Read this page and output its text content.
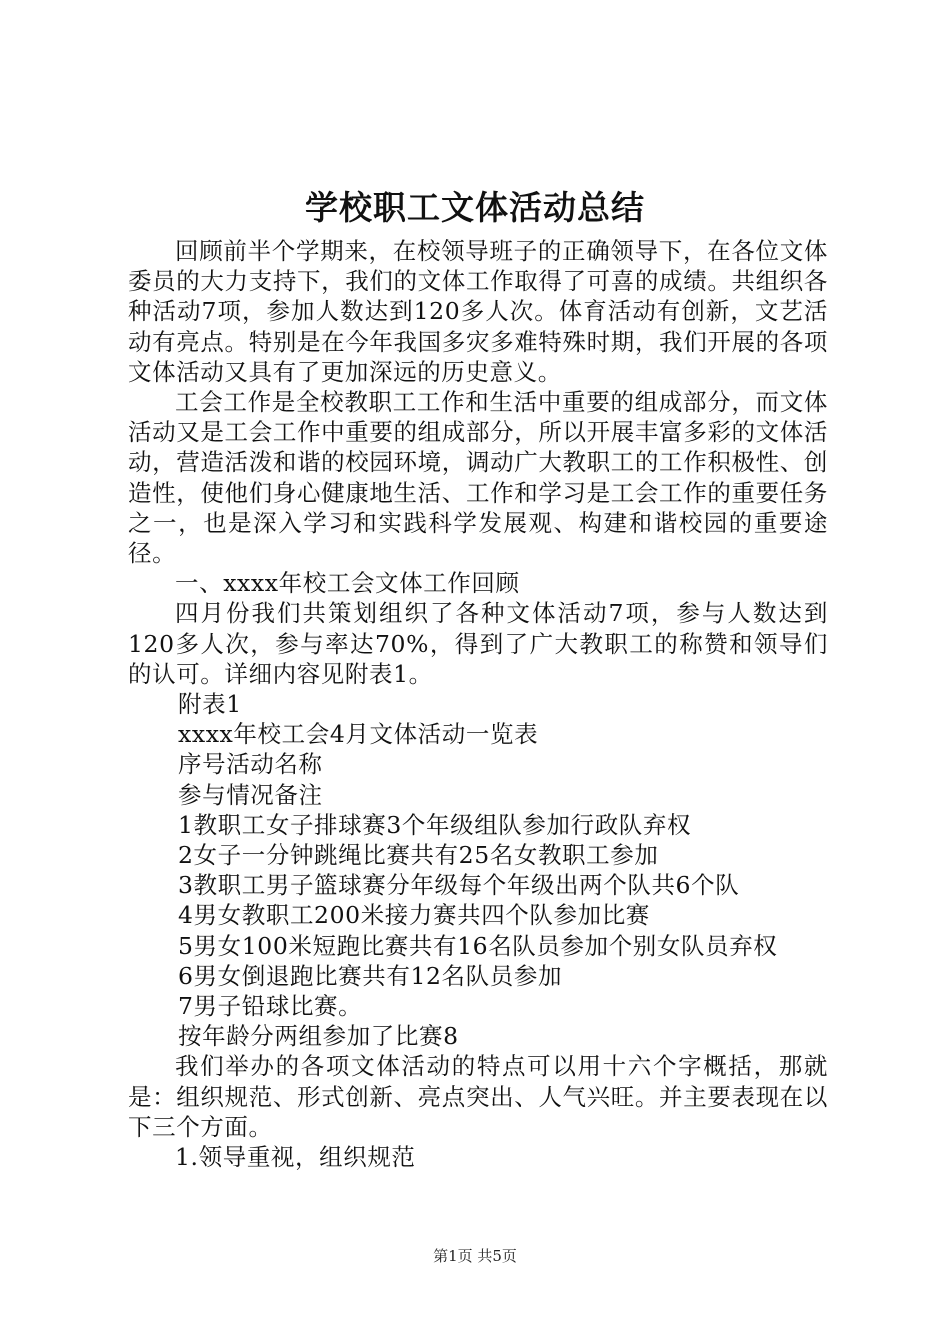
学校职工文体活动总结

回顾前半个学期来，在校领导班子的正确领导下，在各位文体委员的大力支持下，我们的文体工作取得了可喜的成绩。共组织各种活动7项，参加人数达到120多人次。体育活动有创新，文艺活动有亮点。特别是在今年我国多灾多难特殊时期，我们开展的各项文体活动又具有了更加深远的历史意义。

工会工作是全校教职工工作和生活中重要的组成部分，而文体活动又是工会工作中重要的组成部分，所以开展丰富多彩的文体活动，营造活泼和谐的校园环境，调动广大教职工的工作积极性、创造性，使他们身心健康地生活、工作和学习是工会工作的重要任务之一，也是深入学习和实践科学发展观、构建和谐校园的重要途径。

一、xxxx年校工会文体工作回顾

四月份我们共策划组织了各种文体活动7项，参与人数达到120多人次，参与率达70%，得到了广大教职工的称赞和领导们的认可。详细内容见附表1。

附表1

xxxx年校工会4月文体活动一览表

序号活动名称

参与情况备注

1教职工女子排球赛3个年级组队参加行政队弃权

2女子一分钟跳绳比赛共有25名女教职工参加

3教职工男子篮球赛分年级每个年级出两个队共6个队

4男女教职工200米接力赛共四个队参加比赛

5男女100米短跑比赛共有16名队员参加个别女队员弃权

6男女倒退跑比赛共有12名队员参加

7男子铅球比赛。

按年龄分两组参加了比赛8

我们举办的各项文体活动的特点可以用十六个字概括，那就是：组织规范、形式创新、亮点突出、人气兴旺。并主要表现在以下三个方面。

1.领导重视，组织规范

第1页 共5页
